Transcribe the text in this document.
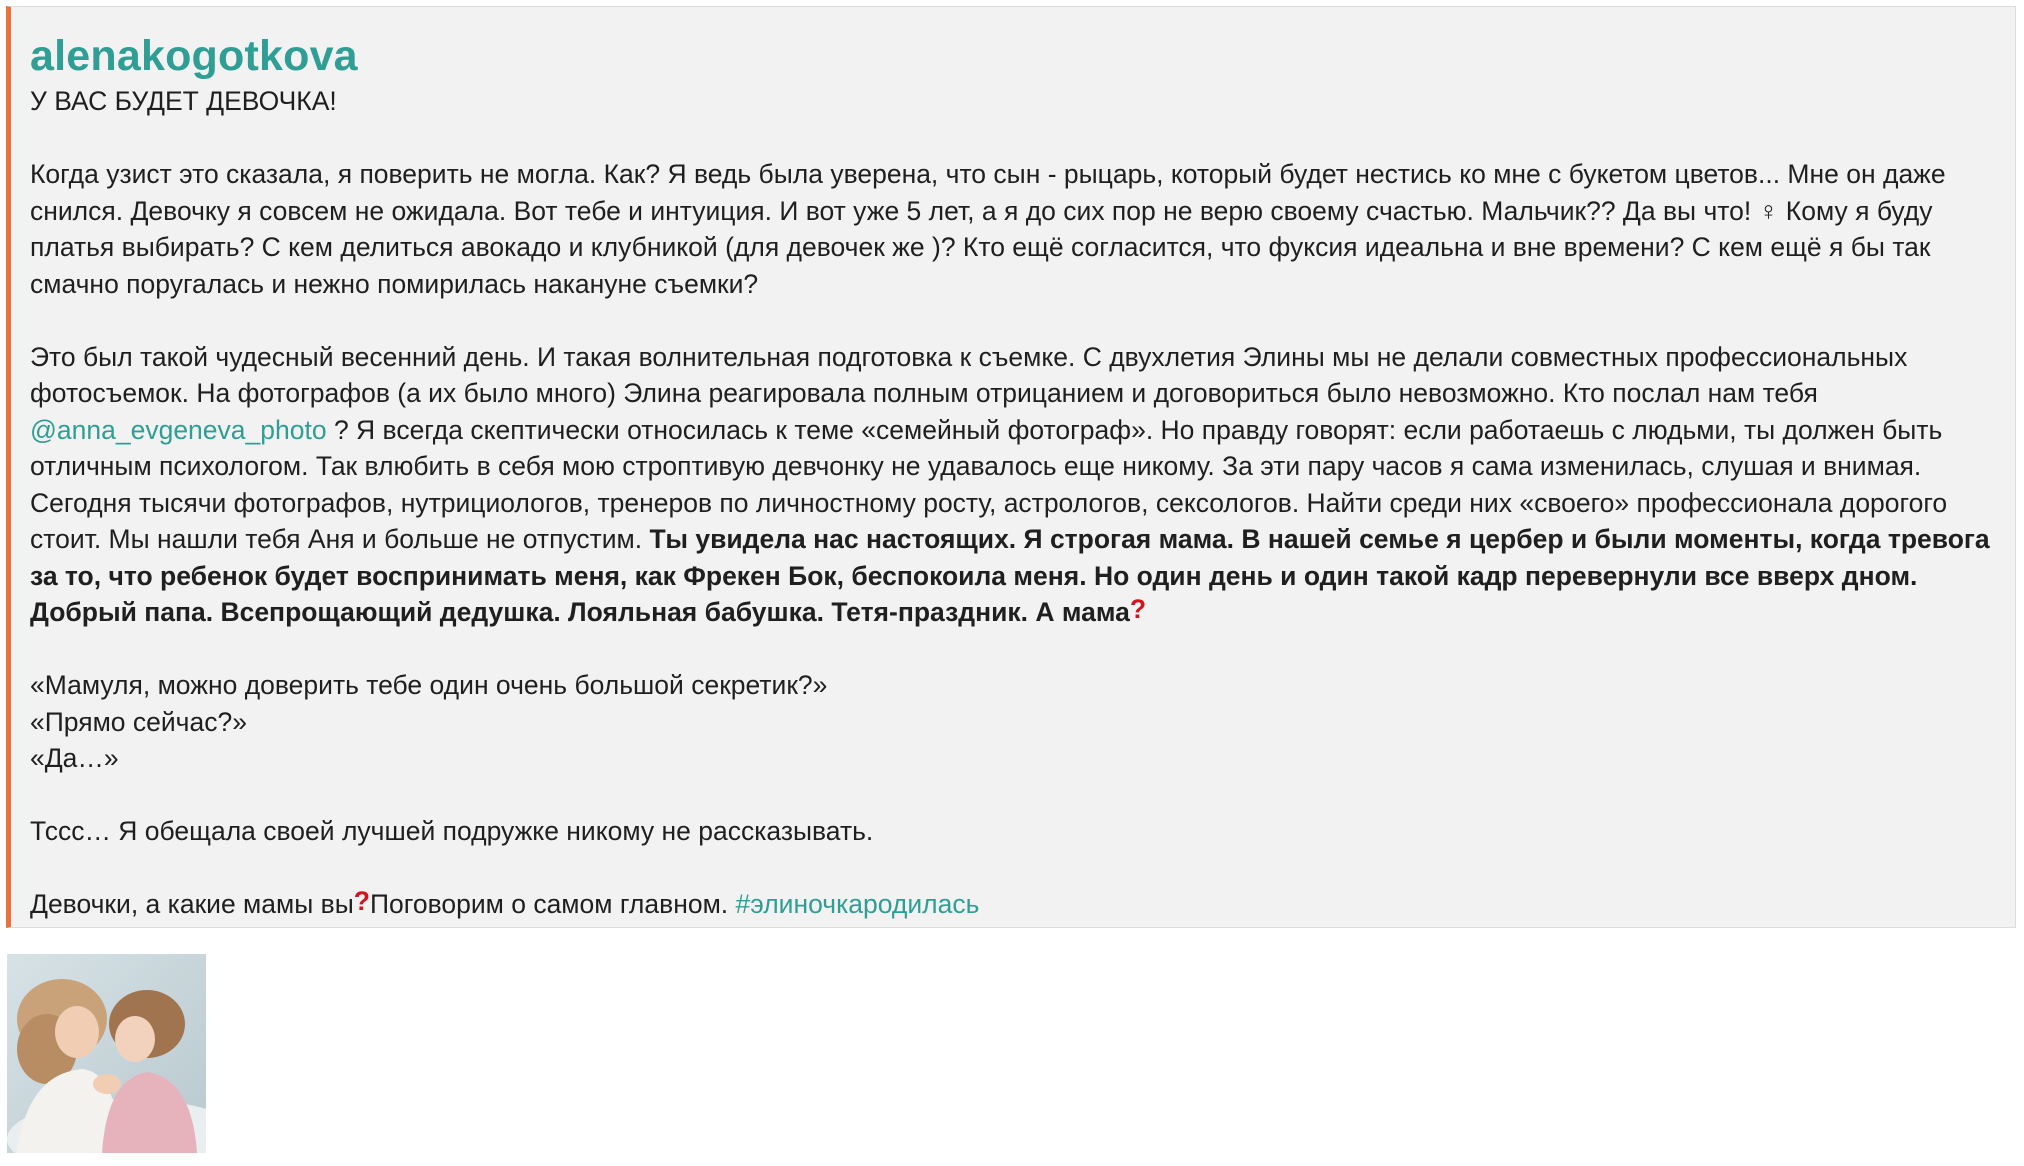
alenakogotkova

У ВАС БУДЕТ ДЕВОЧКА!

Когда узист это сказала, я поверить не могла. Как? Я ведь была уверена, что сын - рыцарь, который будет нестись ко мне с букетом цветов... Мне он даже снился. Девочку я совсем не ожидала. Вот тебе и интуиция. И вот уже 5 лет, а я до сих пор не верю своему счастью. Мальчик?? Да вы что! ♀ Кому я буду платья выбирать? С кем делиться авокадо и клубникой (для девочек же )? Кто ещё согласится, что фуксия идеальна и вне времени? С кем ещё я бы так смачно поругалась и нежно помирилась накануне съемки?

Это был такой чудесный весенний день. И такая волнительная подготовка к съемке. С двухлетия Элины мы не делали совместных профессиональных фотосъемок. На фотографов (а их было много) Элина реагировала полным отрицанием и договориться было невозможно. Кто послал нам тебя
@anna_evgeneva_photo ? Я всегда скептически относилась к теме «семейный фотограф». Но правду говорят: если работаешь с людьми, ты должен быть отличным психологом. Так влюбить в себя мою строптивую девчонку не удавалось еще никому. За эти пару часов я сама изменилась, слушая и внимая. Сегодня тысячи фотографов, нутрициологов, тренеров по личностному росту, астрологов, сексологов. Найти среди них «своего» профессионала дорогого стоит. Мы нашли тебя Аня и больше не отпустим. Ты увидела нас настоящих. Я строгая мама. В нашей семье я цербер и были моменты, когда тревога за то, что ребенок будет воспринимать меня, как Фрекен Бок, беспокоила меня. Но один день и один такой кадр перевернули все вверх дном. Добрый папа. Всепрощающий дедушка. Лояльная бабушка. Тетя-праздник. А мама?

«Мамуля, можно доверить тебе один очень большой секретик?»

«Прямо сейчас?»

«Да…»

Тссс… Я обещала своей лучшей подружке никому не рассказывать.

Девочки, а какие мамы вы?Поговорим о самом главном. #элиночкародилась
